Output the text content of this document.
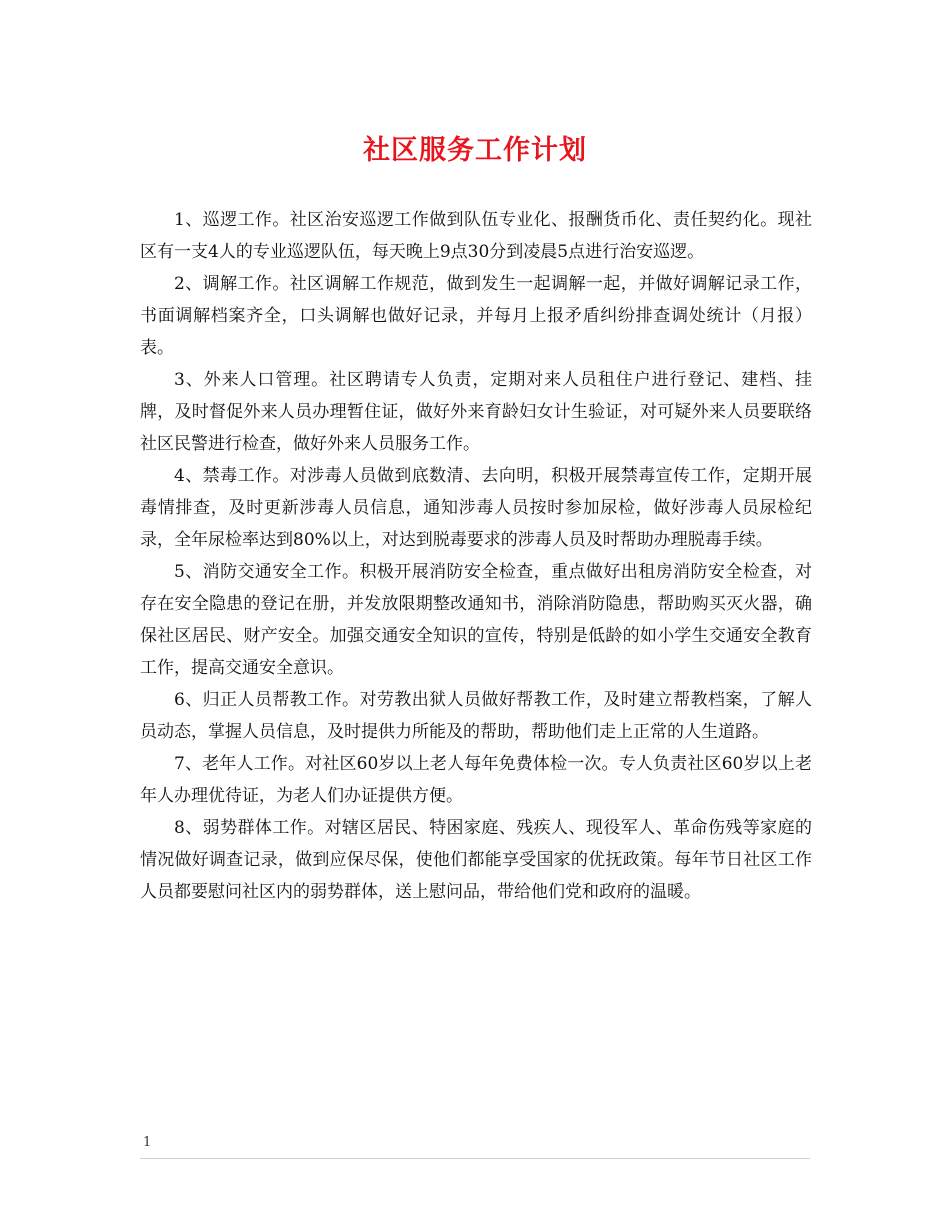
社区服务工作计划

1、巡逻工作。社区治安巡逻工作做到队伍专业化、报酬货币化、责任契约化。现社区有一支4人的专业巡逻队伍，每天晚上9点30分到凌晨5点进行治安巡逻。

2、调解工作。社区调解工作规范，做到发生一起调解一起，并做好调解记录工作，书面调解档案齐全，口头调解也做好记录，并每月上报矛盾纠纷排查调处统计（月报）表。

3、外来人口管理。社区聘请专人负责，定期对来人员租住户进行登记、建档、挂牌，及时督促外来人员办理暂住证，做好外来育龄妇女计生验证，对可疑外来人员要联络社区民警进行检查，做好外来人员服务工作。

4、禁毒工作。对涉毒人员做到底数清、去向明，积极开展禁毒宣传工作，定期开展毒情排查，及时更新涉毒人员信息，通知涉毒人员按时参加尿检，做好涉毒人员尿检纪录，全年尿检率达到80%以上，对达到脱毒要求的涉毒人员及时帮助办理脱毒手续。

5、消防交通安全工作。积极开展消防安全检查，重点做好出租房消防安全检查，对存在安全隐患的登记在册，并发放限期整改通知书，消除消防隐患，帮助购买灭火器，确保社区居民、财产安全。加强交通安全知识的宣传，特别是低龄的如小学生交通安全教育工作，提高交通安全意识。

6、归正人员帮教工作。对劳教出狱人员做好帮教工作，及时建立帮教档案，了解人员动态，掌握人员信息，及时提供力所能及的帮助，帮助他们走上正常的人生道路。

7、老年人工作。对社区60岁以上老人每年免费体检一次。专人负责社区60岁以上老年人办理优待证，为老人们办证提供方便。

8、弱势群体工作。对辖区居民、特困家庭、残疾人、现役军人、革命伤残等家庭的情况做好调查记录，做到应保尽保，使他们都能享受国家的优抚政策。每年节日社区工作人员都要慰问社区内的弱势群体，送上慰问品，带给他们党和政府的温暖。

1
